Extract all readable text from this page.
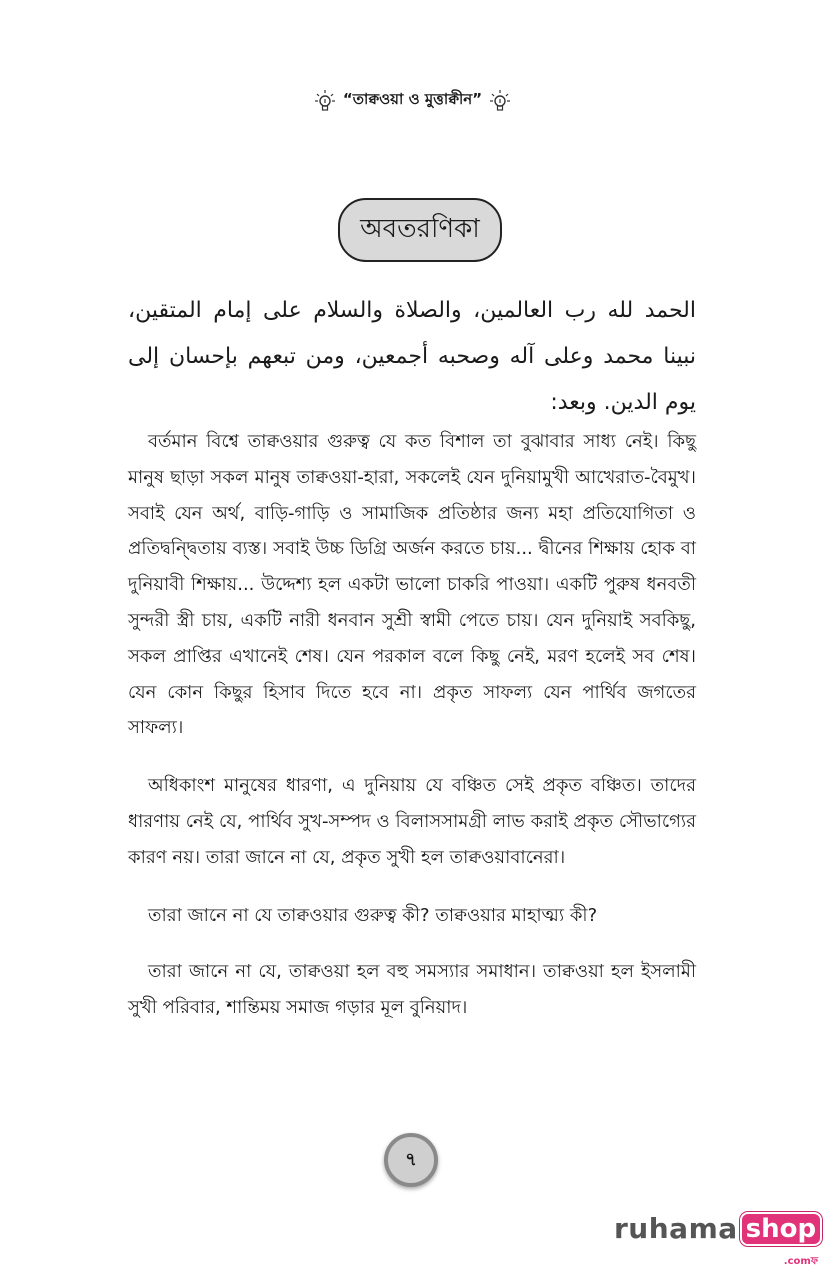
“তাক্বওয়া ও মুত্তাক্বীন”
অবতরণিকা
الحمد لله رب العالمين، والصلاة والسلام على إمام المتقين، نبينا محمد وعلى آله وصحبه أجمعين، ومن تبعهم بإحسان إلى يوم الدين. وبعد:

বর্তমান বিশ্বে তাক্বওয়ার গুরুত্ব যে কত বিশাল তা বুঝাবার সাধ্য নেই। কিছু মানুষ ছাড়া সকল মানুষ তাক্বওয়া-হারা, সকলেই যেন দুনিয়ামুখী আখেরাত-বৈমুখ। সবাই যেন অর্থ, বাড়ি-গাড়ি ও সামাজিক প্রতিষ্ঠার জন্য মহা প্রতিযোগিতা ও প্রতিদ্বন্দ্বিতায় ব্যস্ত। সবাই উচ্চ ডিগ্রি অর্জন করতে চায়... দ্বীনের শিক্ষায় হোক বা দুনিয়াবী শিক্ষায়... উদ্দেশ্য হল একটা ভালো চাকরি পাওয়া। একটি পুরুষ ধনবতী সুন্দরী স্ত্রী চায়, একটি নারী ধনবান সুশ্রী স্বামী পেতে চায়। যেন দুনিয়াই সবকিছু, সকল প্রাপ্তির এখানেই শেষ। যেন পরকাল বলে কিছু নেই, মরণ হলেই সব শেষ। যেন কোন কিছুর হিসাব দিতে হবে না। প্রকৃত সাফল্য যেন পার্থিব জগতের সাফল্য।

অধিকাংশ মানুষের ধারণা, এ দুনিয়ায় যে বঞ্চিত সেই প্রকৃত বঞ্চিত। তাদের ধারণায় নেই যে, পার্থিব সুখ-সম্পদ ও বিলাসসামগ্রী লাভ করাই প্রকৃত সৌভাগ্যের কারণ নয়। তারা জানে না যে, প্রকৃত সুখী হল তাক্বওয়াবানেরা।

তারা জানে না যে তাক্বওয়ার গুরুত্ব কী? তাক্বওয়ার মাহাত্ম্য কী?

তারা জানে না যে, তাক্বওয়া হল বহু সমস্যার সমাধান। তাক্বওয়া হল ইসলামী সুখী পরিবার, শান্তিময় সমাজ গড়ার মূল বুনিয়াদ।

৭
ruhama shop
.comফ
